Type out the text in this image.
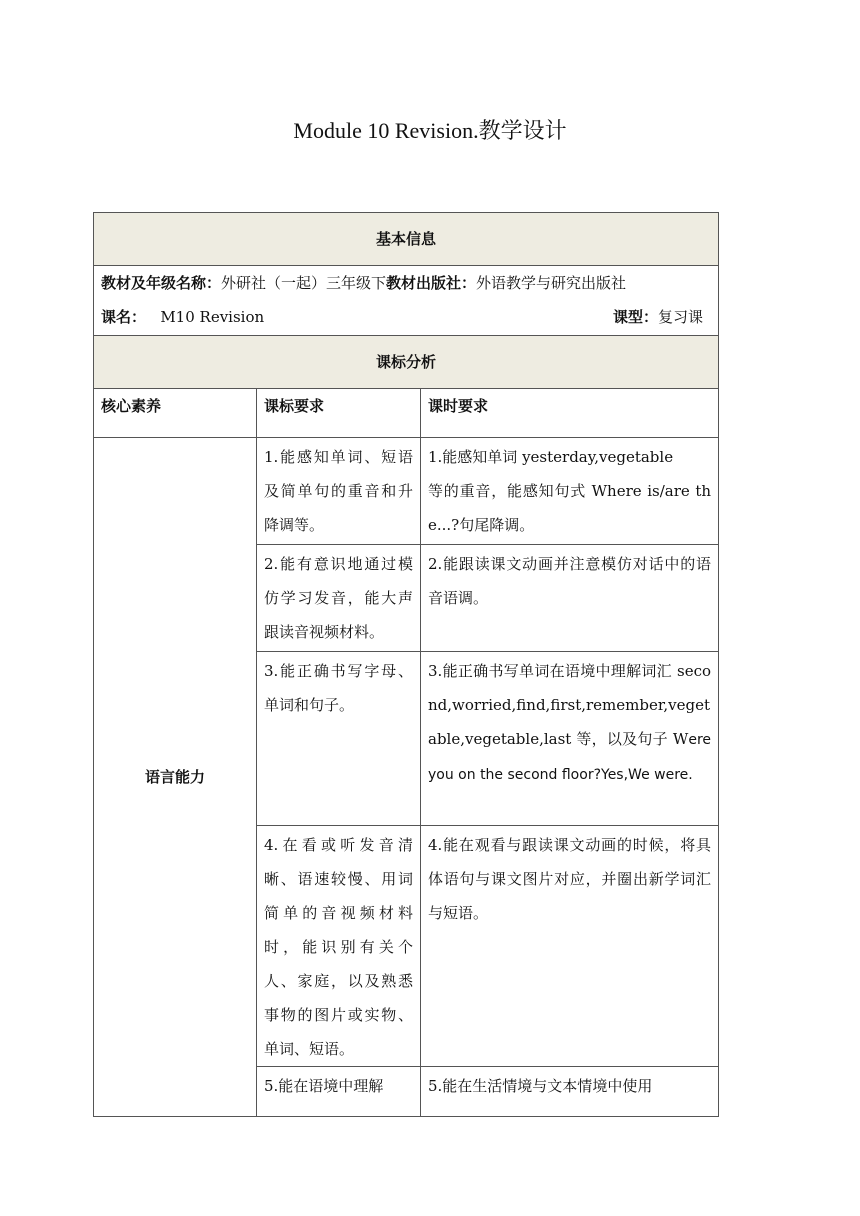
Module 10 Revision.教学设计
基本信息		

教材及年级名称：外研社（一起）三年级下教材出版社：外语教学与研究出版社
课名： M10 Revision 课型：复习课		

课标分析		
核心素养	课标要求	课时要求
语言能力	1.能感知单词、短语及简单句的重音和升降调等。	1.能感知单词 yesterday,vegetable
等的重音，能感知句式 Where is/are the...?句尾降调。

	2.能有意识地通过模仿学习发音，能大声跟读音视频材料。	2.能跟读课文动画并注意模仿对话中的语音语调。
	3.能正确书写字母、单词和句子。	3.能正确书写单词在语境中理解词汇 second,worried,find,first,remember,vegetable,vegetable,last 等，以及句子 Were you on the second floor?Yes,We were.
	4.在看或听发音清晰、语速较慢、用词简单的音视频材料时，能识别有关个人、家庭，以及熟悉事物的图片或实物、单词、短语。	4.能在观看与跟读课文动画的时候，将具体语句与课文图片对应，并圈出新学词汇与短语。
	5.能在语境中理解	5.能在生活情境与文本情境中使用
